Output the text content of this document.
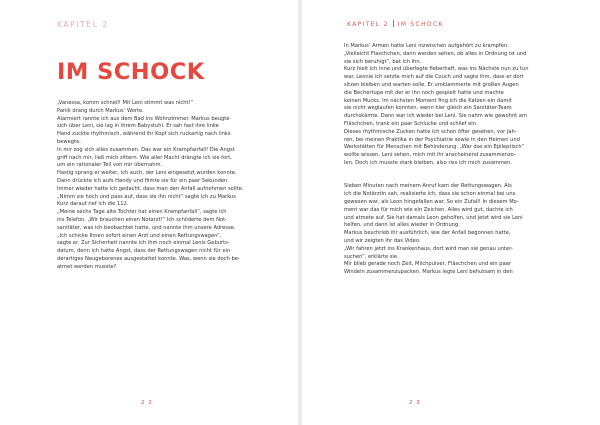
KAPITEL 2
IM SCHOCK
„Vanessa, komm schnell! Mit Leni stimmt was nicht!“
Panik drang durch Markus’ Worte.
Alarmiert rannte ich aus dem Bad ins Wohnzimmer. Markus beugte
sich über Leni, sie lag in ihrem Babystuhl. Er sah fast ihre linke
Hand zuckte rhythmisch, während ihr Kopf sich ruckartig nach links
bewegte.
In mir zog sich alles zusammen. Das war ein Krampfanfall! Die Angst
griff nach mir, ließ mich zittern. Wie aller Macht drängte ich sie fort,
um ein rationaler Teil von mir übernahm.
Hastig sprang er weiter, ich auch, der Leni eingesetzt wurden konnte.
Dann drückte ich aufs Handy und filmte sie für ein paar Sekunden.
Immer wieder hatte ich gedacht, dass man den Anfall aufnehmen sollte.
„Nimm sie hoch und pass auf, dass sie ihn nicht“ sagte ich zu Markus
Kurz darauf rief ich die 112.
„Meine sechs Tage alte Tochter hat einen Krampfanfall“, sagte ich
ins Telefon. „Wir brauchen einen Notarzt!“ Ich schilderte dem Not-
sanitäter, was ich beobachtet hatte, und nannte ihm unsere Adresse.
„Ich schicke Ihnen sofort einen Arzt und einen Rettungswagen“,
sagte er. Zur Sicherheit nannte ich ihm noch einmal Lenis Geburts-
datum, denn ich hatte Angst, dass der Rettungswagen nicht für ein
derartiges Neugeborenes ausgestattet konnte. Was, wenn sie doch be-
atmet werden musste?
2 2
KAPITEL 2 IM SCHOCK
In Markus’ Armen hatte Leni inzwischen aufgehört zu krampfen.
„Vielleicht Flaschchen, dann werden sehen, ob alles in Ordnung ist und
sie sich beruhigt“, bat ich ihn.
Kurz hielt ich inne und überlegte fieberhaft, was ins Nächste nun zu tun
war. Leonie ich setzte mich auf die Couch und sagte ihm, dass er dort
sitzen bleiben und warten solle. Er umklammerte mit großen Augen
die Bechertupe mit der er ihn noch gespielt hatte und machte
keinen Mucks. Im nächsten Moment fing ich die Katzen ein damit
sie nicht weglaufen konnten, wenn hier gleich ein Sanitäter-Team
durchskämte. Dann war ich wieder bei Leni. Sie nahm wie gewohnt am
Fläschchen, trank ein paar Schlucke und schlief ein.
Dieses rhythmische Zucken hatte ich schon öfter gesehen, vor Jah-
ren, bei meinen Praktika in der Psychiatrie sowie in den Heimen und
Werkstätten für Menschen mit Behinderung. „War das ein Epileptisch“
wollte wissen, Leni sehen, mich mit ihr anscheinend zusammenzo-
len. Doch ich musste stark bleiben, also riss ich mich zusammen.
Sieben Minuten nach meinem Anruf kam der Rettungswagen. Als
ich die Notärztin sah, realisierte ich, dass sie schon einmal bei uns
gewesen war, als Leon hingefallen war. So ein Zufall! In diesem Mo-
ment war das für mich wie ein Zeichen. Alles wird gut, dachte ich
und atmete auf. Sie hat damals Leon geholfen, und jetzt wird sie Leni
helfen, und dann ist alles wieder in Ordnung.
Markus beschrieb ihr ausführlich, wie der Anfall begonnen hatte,
und wir zeigten ihr das Video.
„Wir fahren jetzt ins Krankenhaus, dort wird man sie genau unter-
suchen“, erklärte sie.
Mir blieb gerade noch Zeit, Milchpulver, Fläschchen und ein paar
Windeln zusammenzupacken. Markus legte Leni behutsam in den
2 3
